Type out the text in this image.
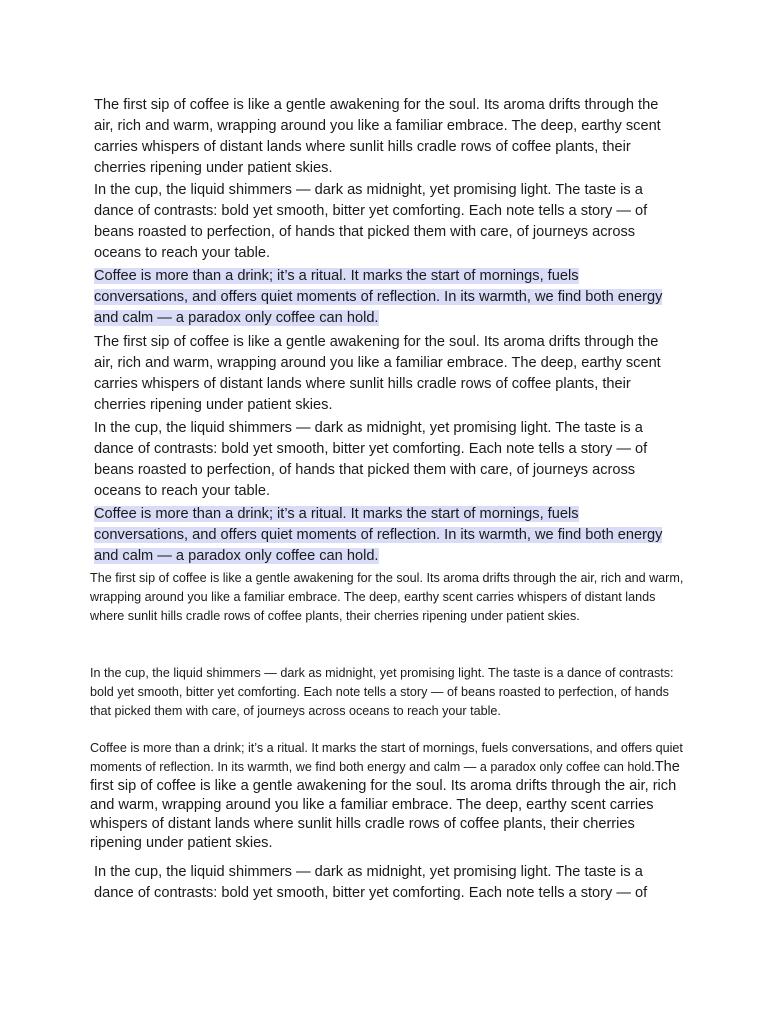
The first sip of coffee is like a gentle awakening for the soul. Its aroma drifts through the air, rich and warm, wrapping around you like a familiar embrace. The deep, earthy scent carries whispers of distant lands where sunlit hills cradle rows of coffee plants, their cherries ripening under patient skies.

In the cup, the liquid shimmers — dark as midnight, yet promising light. The taste is a dance of contrasts: bold yet smooth, bitter yet comforting. Each note tells a story — of beans roasted to perfection, of hands that picked them with care, of journeys across oceans to reach your table.

Coffee is more than a drink; it’s a ritual. It marks the start of mornings, fuels conversations, and offers quiet moments of reflection. In its warmth, we find both energy and calm — a paradox only coffee can hold.

The first sip of coffee is like a gentle awakening for the soul. Its aroma drifts through the air, rich and warm, wrapping around you like a familiar embrace. The deep, earthy scent carries whispers of distant lands where sunlit hills cradle rows of coffee plants, their cherries ripening under patient skies.

In the cup, the liquid shimmers — dark as midnight, yet promising light. The taste is a dance of contrasts: bold yet smooth, bitter yet comforting. Each note tells a story — of beans roasted to perfection, of hands that picked them with care, of journeys across oceans to reach your table.

Coffee is more than a drink; it’s a ritual. It marks the start of mornings, fuels conversations, and offers quiet moments of reflection. In its warmth, we find both energy and calm — a paradox only coffee can hold.

The first sip of coffee is like a gentle awakening for the soul. Its aroma drifts through the air, rich and warm, wrapping around you like a familiar embrace. The deep, earthy scent carries whispers of distant lands where sunlit hills cradle rows of coffee plants, their cherries ripening under patient skies.

In the cup, the liquid shimmers — dark as midnight, yet promising light. The taste is a dance of contrasts: bold yet smooth, bitter yet comforting. Each note tells a story — of beans roasted to perfection, of hands that picked them with care, of journeys across oceans to reach your table.

Coffee is more than a drink; it’s a ritual. It marks the start of mornings, fuels conversations, and offers quiet moments of reflection. In its warmth, we find both energy and calm — a paradox only coffee can hold.The first sip of coffee is like a gentle awakening for the soul. Its aroma drifts through the air, rich and warm, wrapping around you like a familiar embrace. The deep, earthy scent carries whispers of distant lands where sunlit hills cradle rows of coffee plants, their cherries ripening under patient skies.

In the cup, the liquid shimmers — dark as midnight, yet promising light. The taste is a dance of contrasts: bold yet smooth, bitter yet comforting. Each note tells a story — of
